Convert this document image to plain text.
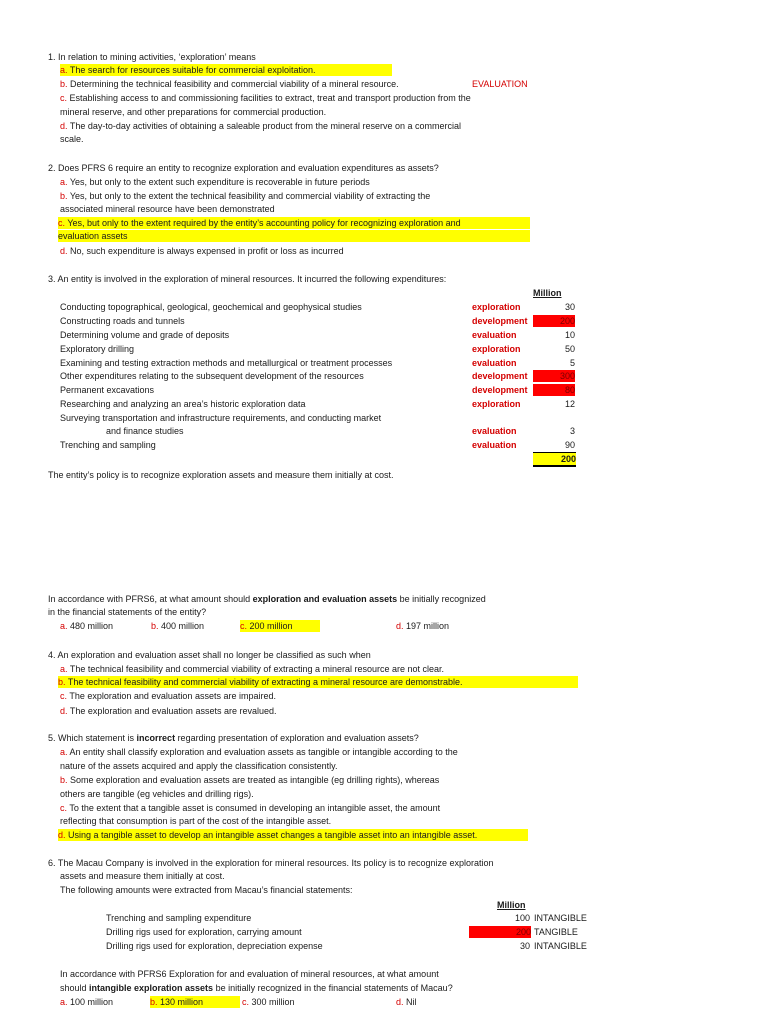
1. In relation to mining activities, ‘exploration’ means
a. The search for resources suitable for commercial exploitation.
b. Determining the technical feasibility and commercial viability of a mineral resource.	EVALUATION
c. Establishing access to and commissioning facilities to extract, treat and transport production from the
mineral reserve, and other preparations for commercial production.
d. The day-to-day activities of obtaining a saleable product from the mineral reserve on a commercial
scale.
2. Does PFRS 6 require an entity to recognize exploration and evaluation expenditures as assets?
a. Yes, but only to the extent such expenditure is recoverable in future periods
b. Yes, but only to the extent the technical feasibility and commercial viability of extracting the
associated mineral resource have been demonstrated
c. Yes, but only to the extent required by the entity’s accounting policy for recognizing exploration and
evaluation assets
d. No, such expenditure is always expensed in profit or loss as incurred
3. An entity is involved in the exploration of mineral resources. It incurred the following expenditures:
Million
Conducting topographical, geological, geochemical and geophysical studies	exploration	30
Constructing roads and tunnels	development	200
Determining volume and grade of deposits	evaluation	10
Exploratory drilling	exploration	50
Examining and testing extraction methods and metallurgical or treatment processes	evaluation	5
Other expenditures relating to the subsequent development of the resources	development	300
Permanent excavations	development	80
Researching and analyzing an area’s historic exploration data	exploration	12
Surveying transportation and infrastructure requirements, and conducting market
and finance studies	evaluation	3
Trenching and sampling	evaluation	90
200
The entity’s policy is to recognize exploration assets and measure them initially at cost.
In accordance with PFRS6, at what amount should exploration and evaluation assets be initially recognized
in the financial statements of the entity?
a. 480 million	b. 400 million	c. 200 million	d. 197 million
4. An exploration and evaluation asset shall no longer be classified as such when
a. The technical feasibility and commercial viability of extracting a mineral resource are not clear.
b. The technical feasibility and commercial viability of extracting a mineral resource are demonstrable.
c. The exploration and evaluation assets are impaired.
d. The exploration and evaluation assets are revalued.
5. Which statement is incorrect regarding presentation of exploration and evaluation assets?
a. An entity shall classify exploration and evaluation assets as tangible or intangible according to the
nature of the assets acquired and apply the classification consistently.
b. Some exploration and evaluation assets are treated as intangible (eg drilling rights), whereas
others are tangible (eg vehicles and drilling rigs).
c. To the extent that a tangible asset is consumed in developing an intangible asset, the amount
reflecting that consumption is part of the cost of the intangible asset.
d. Using a tangible asset to develop an intangible asset changes a tangible asset into an intangible asset.
6. The Macau Company is involved in the exploration for mineral resources. Its policy is to recognize exploration
assets and measure them initially at cost.
The following amounts were extracted from Macau’s financial statements:
Million
Trenching and sampling expenditure	100 INTANGIBLE
Drilling rigs used for exploration, carrying amount	200 TANGIBLE
Drilling rigs used for exploration, depreciation expense	30 INTANGIBLE
In accordance with PFRS6 Exploration for and evaluation of mineral resources, at what amount
should intangible exploration assets be initially recognized in the financial statements of Macau?
a. 100 million	b. 130 million	c. 300 million	d. Nil
